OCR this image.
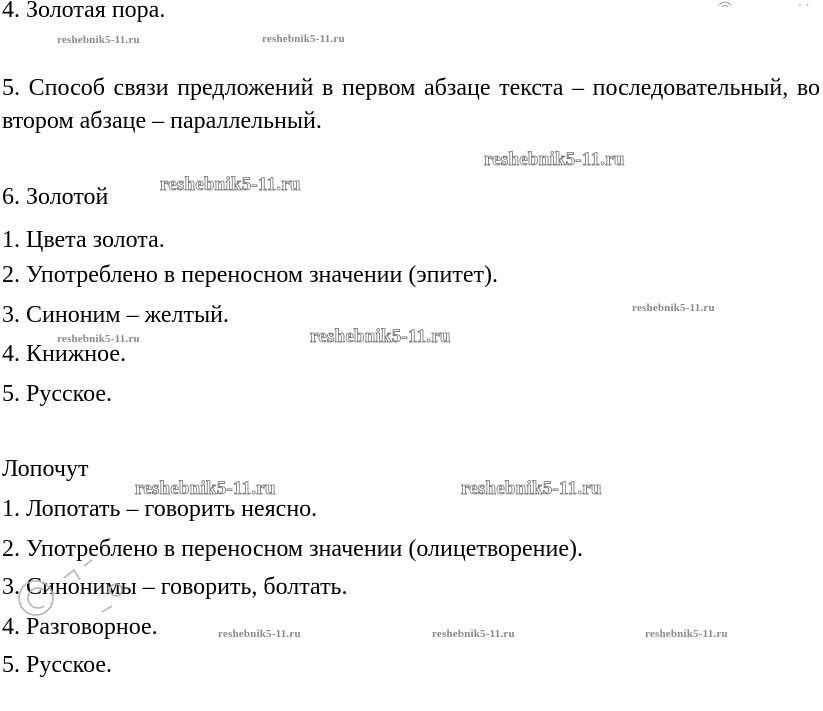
4. Золотая пора.

5. Способ связи предложений в первом абзаце текста – последовательный, во втором абзаце – параллельный.

6. Золотой
1. Цвета золота.
2. Употреблено в переносном значении (эпитет).
3. Синоним – желтый.
4. Книжное.
5. Русское.
Лопочут
1. Лопотать – говорить неясно.
2. Употреблено в переносном значении (олицетворение).
3. Синонимы – говорить, болтать.
4. Разговорное.
5. Русское.
· ·
reshebnik5-11.ru	reshebnik5-11.ru
reshebnik5-11.ru
reshebnik5-11.ru
reshebnik5-11.ru
reshebnik5-11.ru	reshebnik5-11.ru
reshebnik5-11.ru	reshebnik5-11.ru
reshebnik5-11.ru	reshebnik5-11.ru	reshebnik5-11.ru
